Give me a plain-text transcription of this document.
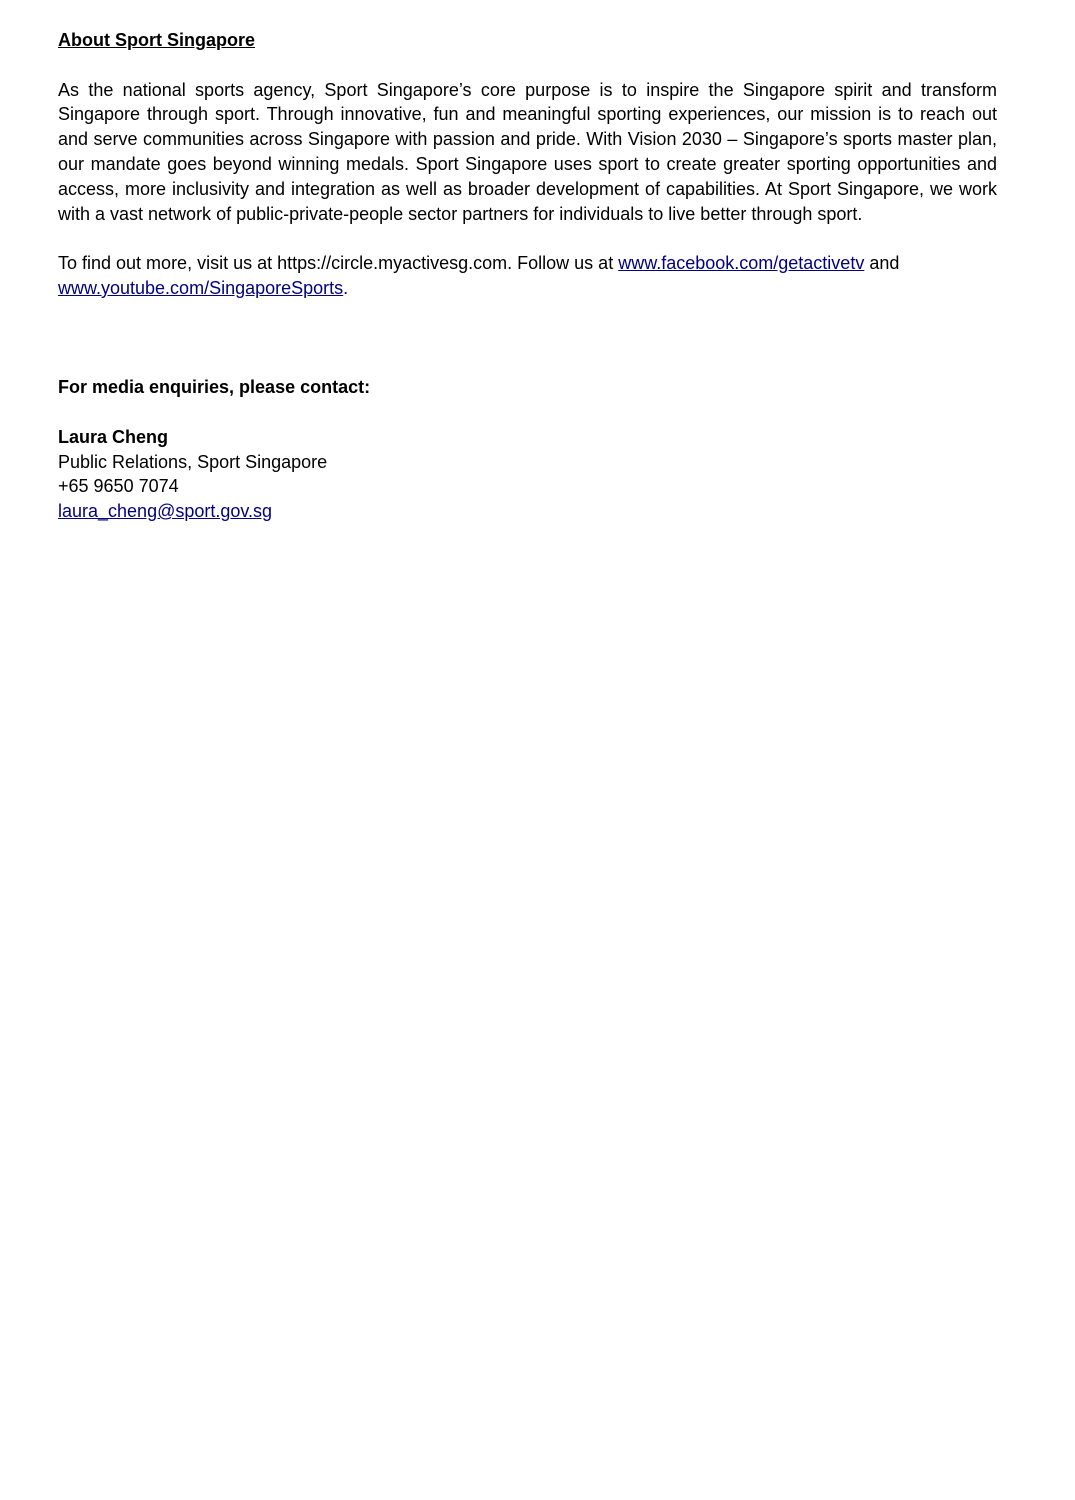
About Sport Singapore

As the national sports agency, Sport Singapore’s core purpose is to inspire the Singapore spirit and transform Singapore through sport. Through innovative, fun and meaningful sporting experiences, our mission is to reach out and serve communities across Singapore with passion and pride. With Vision 2030 – Singapore’s sports master plan, our mandate goes beyond winning medals. Sport Singapore uses sport to create greater sporting opportunities and access, more inclusivity and integration as well as broader development of capabilities. At Sport Singapore, we work with a vast network of public-private-people sector partners for individuals to live better through sport.

To find out more, visit us at https://circle.myactivesg.com. Follow us at www.facebook.com/getactivetv and
www.youtube.com/SingaporeSports.

For media enquiries, please contact:

Laura Cheng
Public Relations, Sport Singapore
+65 9650 7074
laura_cheng@sport.gov.sg
